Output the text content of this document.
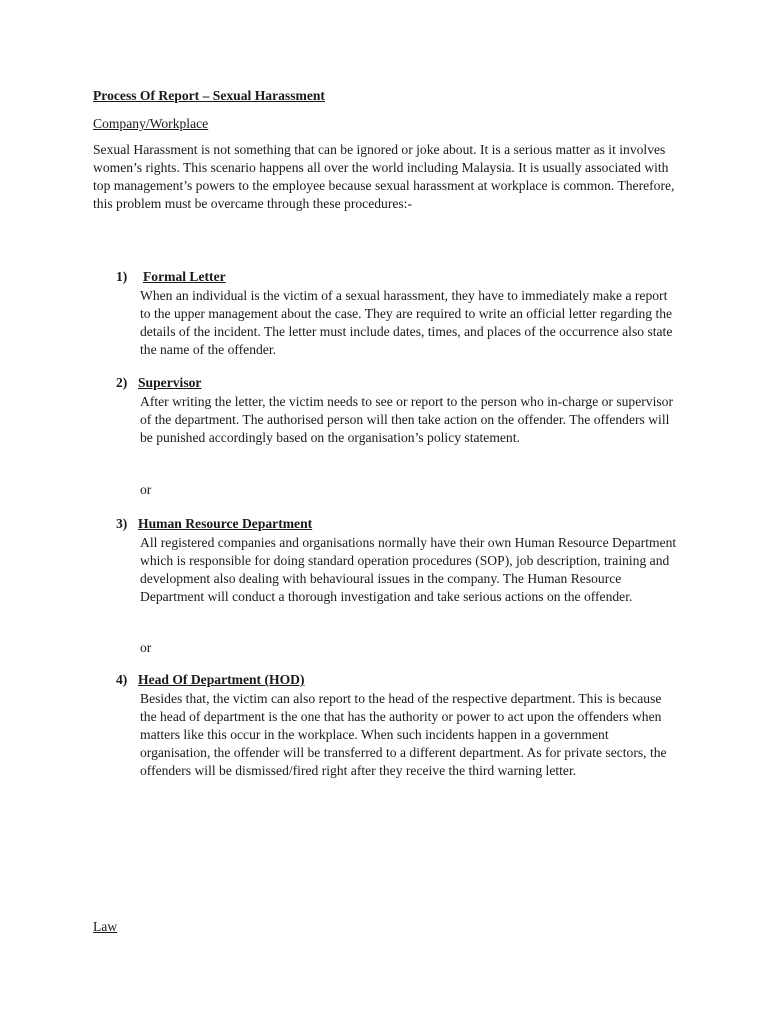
Process Of Report – Sexual Harassment
Company/Workplace

Sexual Harassment is not something that can be ignored or joke about. It is a serious matter as it involves women’s rights. This scenario happens all over the world including Malaysia. It is usually associated with top management’s powers to the employee because sexual harassment at workplace is common. Therefore, this problem must be overcame through these procedures:-

1) Formal Letter

When an individual is the victim of a sexual harassment, they have to immediately make a report to the upper management about the case. They are required to write an official letter regarding the details of the incident. The letter must include dates, times, and places of the occurrence also state the name of the offender.

2) Supervisor

After writing the letter, the victim needs to see or report to the person who in-charge or supervisor of the department. The authorised person will then take action on the offender. The offenders will be punished accordingly based on the organisation’s policy statement.

or
3) Human Resource Department

All registered companies and organisations normally have their own Human Resource Department which is responsible for doing standard operation procedures (SOP), job description, training and development also dealing with behavioural issues in the company. The Human Resource Department will conduct a thorough investigation and take serious actions on the offender.

or
4) Head Of Department (HOD)

Besides that, the victim can also report to the head of the respective department. This is because the head of department is the one that has the authority or power to act upon the offenders when matters like this occur in the workplace. When such incidents happen in a government organisation, the offender will be transferred to a different department. As for private sectors, the offenders will be dismissed/fired right after they receive the third warning letter.

Law
